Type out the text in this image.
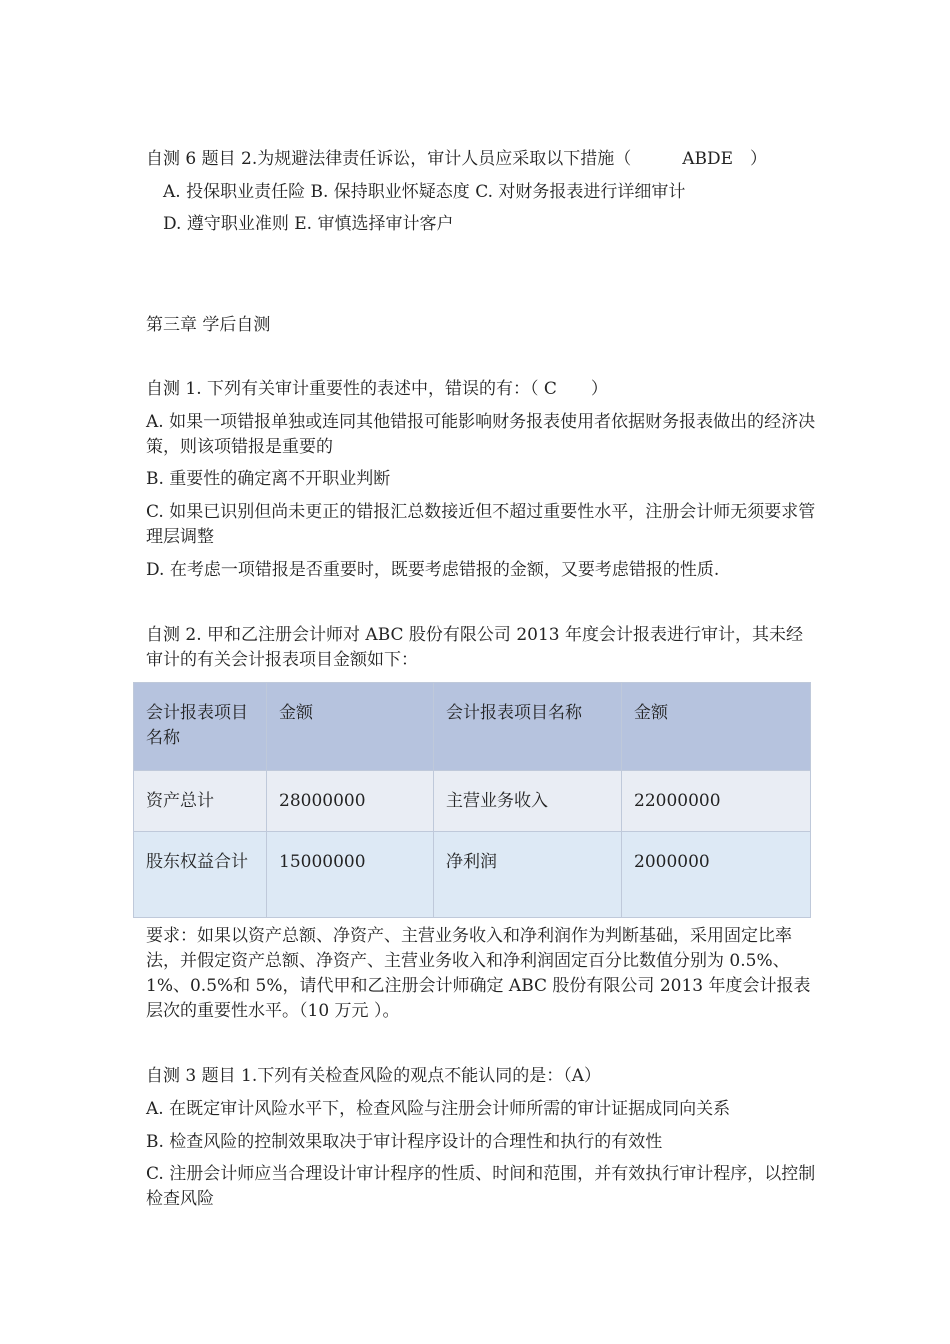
自测 6 题目 2.为规避法律责任诉讼，审计人员应采取以下措施（　　　ABDE　）
A. 投保职业责任险 B. 保持职业怀疑态度 C. 对财务报表进行详细审计
D. 遵守职业准则 E. 审慎选择审计客户
第三章 学后自测
自测 1. 下列有关审计重要性的表述中，错误的有：（ C　　）
A. 如果一项错报单独或连同其他错报可能影响财务报表使用者依据财务报表做出的经济决策，则该项错报是重要的
B. 重要性的确定离不开职业判断
C. 如果已识别但尚未更正的错报汇总数接近但不超过重要性水平，注册会计师无须要求管理层调整
D. 在考虑一项错报是否重要时，既要考虑错报的金额，又要考虑错报的性质.
自测 2. 甲和乙注册会计师对 ABC 股份有限公司 2013 年度会计报表进行审计，其未经审计的有关会计报表项目金额如下：
会计报表项目名称	金额	会计报表项目名称	金额
资产总计	28000000	主营业务收入	22000000
股东权益合计	15000000	净利润	2000000
要求：如果以资产总额、净资产、主营业务收入和净利润作为判断基础，采用固定比率法，并假定资产总额、净资产、主营业务收入和净利润固定百分比数值分别为 0.5%、1%、0.5%和 5%，请代甲和乙注册会计师确定 ABC 股份有限公司 2013 年度会计报表层次的重要性水平。（10 万元 ）。
自测 3 题目 1.下列有关检查风险的观点不能认同的是：（A）
A. 在既定审计风险水平下，检查风险与注册会计师所需的审计证据成同向关系
B. 检查风险的控制效果取决于审计程序设计的合理性和执行的有效性
C. 注册会计师应当合理设计审计程序的性质、时间和范围，并有效执行审计程序，以控制检查风险
